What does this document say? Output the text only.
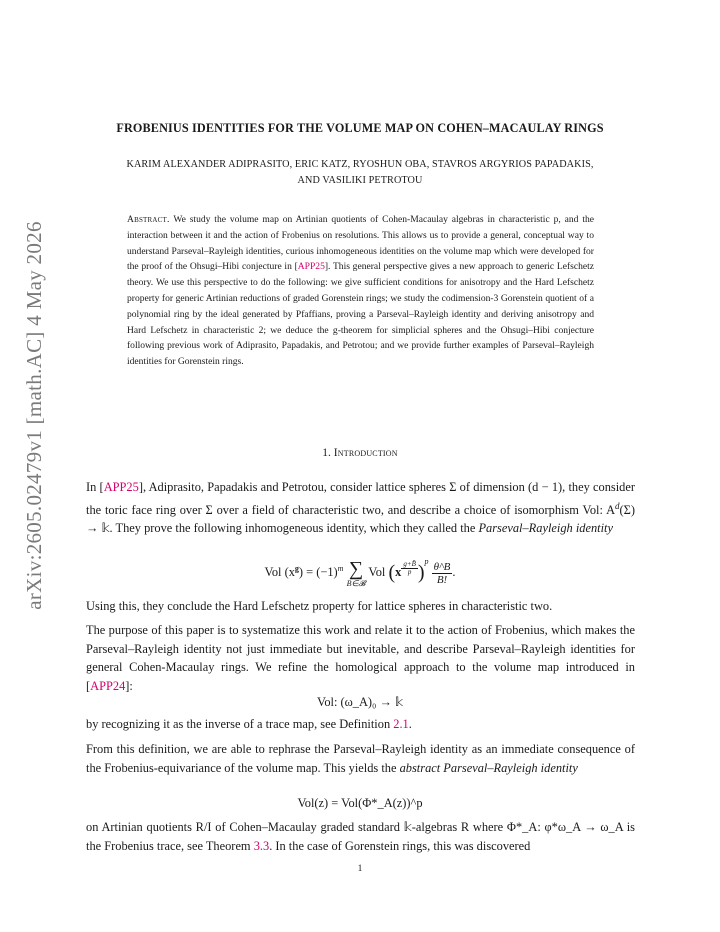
arXiv:2605.02479v1 [math.AC] 4 May 2026
FROBENIUS IDENTITIES FOR THE VOLUME MAP ON COHEN–MACAULAY RINGS
KARIM ALEXANDER ADIPRASITO, ERIC KATZ, RYOSHUN OBA, STAVROS ARGYRIOS PAPADAKIS,
AND VASILIKI PETROTOU
Abstract. We study the volume map on Artinian quotients of Cohen-Macaulay algebras in characteristic p, and the interaction between it and the action of Frobenius on resolutions. This allows us to provide a general, conceptual way to understand Parseval–Rayleigh identities, curious inhomogeneous identities on the volume map which were developed for the proof of the Ohsugi–Hibi conjecture in [APP25]. This general perspective gives a new approach to generic Lefschetz theory. We use this perspective to do the following: we give sufficient conditions for anisotropy and the Hard Lefschetz property for generic Artinian reductions of graded Gorenstein rings; we study the codimension-3 Gorenstein quotient of a polynomial ring by the ideal generated by Pfaffians, proving a Parseval–Rayleigh identity and deriving anisotropy and Hard Lefschetz in characteristic 2; we deduce the g-theorem for simplicial spheres and the Ohsugi–Hibi conjecture following previous work of Adiprasito, Papadakis, and Petrotou; and we provide further examples of Parseval–Rayleigh identities for Gorenstein rings.
1. Introduction
In [APP25], Adiprasito, Papadakis and Petrotou, consider lattice spheres Σ of dimension (d − 1), they consider the toric face ring over Σ over a field of characteristic two, and describe a choice of isomorphism Vol: $A^d(\Sigma)$ → 𝕜. They prove the following inhomogeneous identity, which they called the Parseval–Rayleigh identity
Vol $(x^g) = (-1)^m$ ∑
B∈𝓑
Vol (x $^{\frac{g+B̄}{p}}$ )$^p \frac{\theta\^{}B}{B!}$ .
Using this, they conclude the Hard Lefschetz property for lattice spheres in characteristic two.
The purpose of this paper is to systematize this work and relate it to the action of Frobenius, which makes the Parseval–Rayleigh identity not just immediate but inevitable, and describe Parseval–Rayleigh identities for general Cohen-Macaulay rings. We refine the homological approach to the volume map introduced in [APP24]:
Vol: (ω_A)₀ → 𝕜
by recognizing it as the inverse of a trace map, see Definition 2.1.
From this definition, we are able to rephrase the Parseval–Rayleigh identity as an immediate consequence of the Frobenius-equivariance of the volume map. This yields the abstract Parseval–Rayleigh identity
Vol(z) = Vol(Φ*_A(z))^p
on Artinian quotients R/I of Cohen–Macaulay graded standard 𝕜-algebras R where Φ*_A: φ*ω_A → ω_A is the Frobenius trace, see Theorem 3.3. In the case of Gorenstein rings, this was discovered
1
